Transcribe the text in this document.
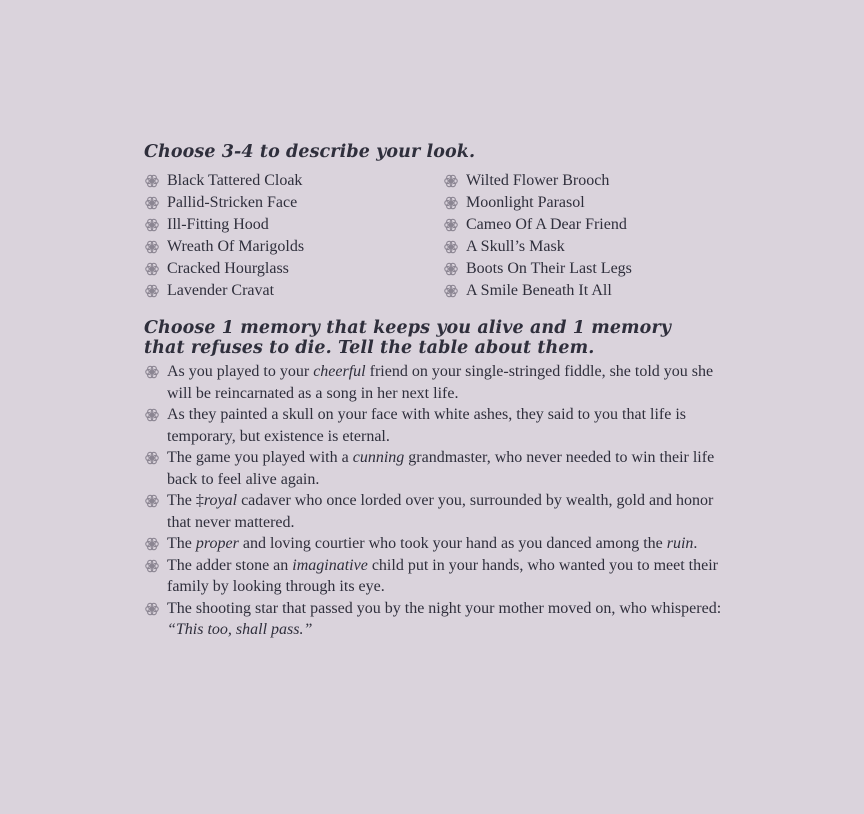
Choose 3-4 to describe your look.
Black Tattered Cloak
Pallid-Stricken Face
Ill-Fitting Hood
Wreath Of Marigolds
Cracked Hourglass
Lavender Cravat
Wilted Flower Brooch
Moonlight Parasol
Cameo Of A Dear Friend
A Skull’s Mask
Boots On Their Last Legs
A Smile Beneath It All
Choose 1 memory that keeps you alive and 1 memory that refuses to die. Tell the table about them.
As you played to your cheerful friend on your single-stringed fiddle, she told you she will be reincarnated as a song in her next life.
As they painted a skull on your face with white ashes, they said to you that life is temporary, but existence is eternal.
The game you played with a cunning grandmaster, who never needed to win their life back to feel alive again.
The ‡royal cadaver who once lorded over you, surrounded by wealth, gold and honor that never mattered.
The proper and loving courtier who took your hand as you danced among the ruin.
The adder stone an imaginative child put in your hands, who wanted you to meet their family by looking through its eye.
The shooting star that passed you by the night your mother moved on, who whispered:
“This too, shall pass.”
